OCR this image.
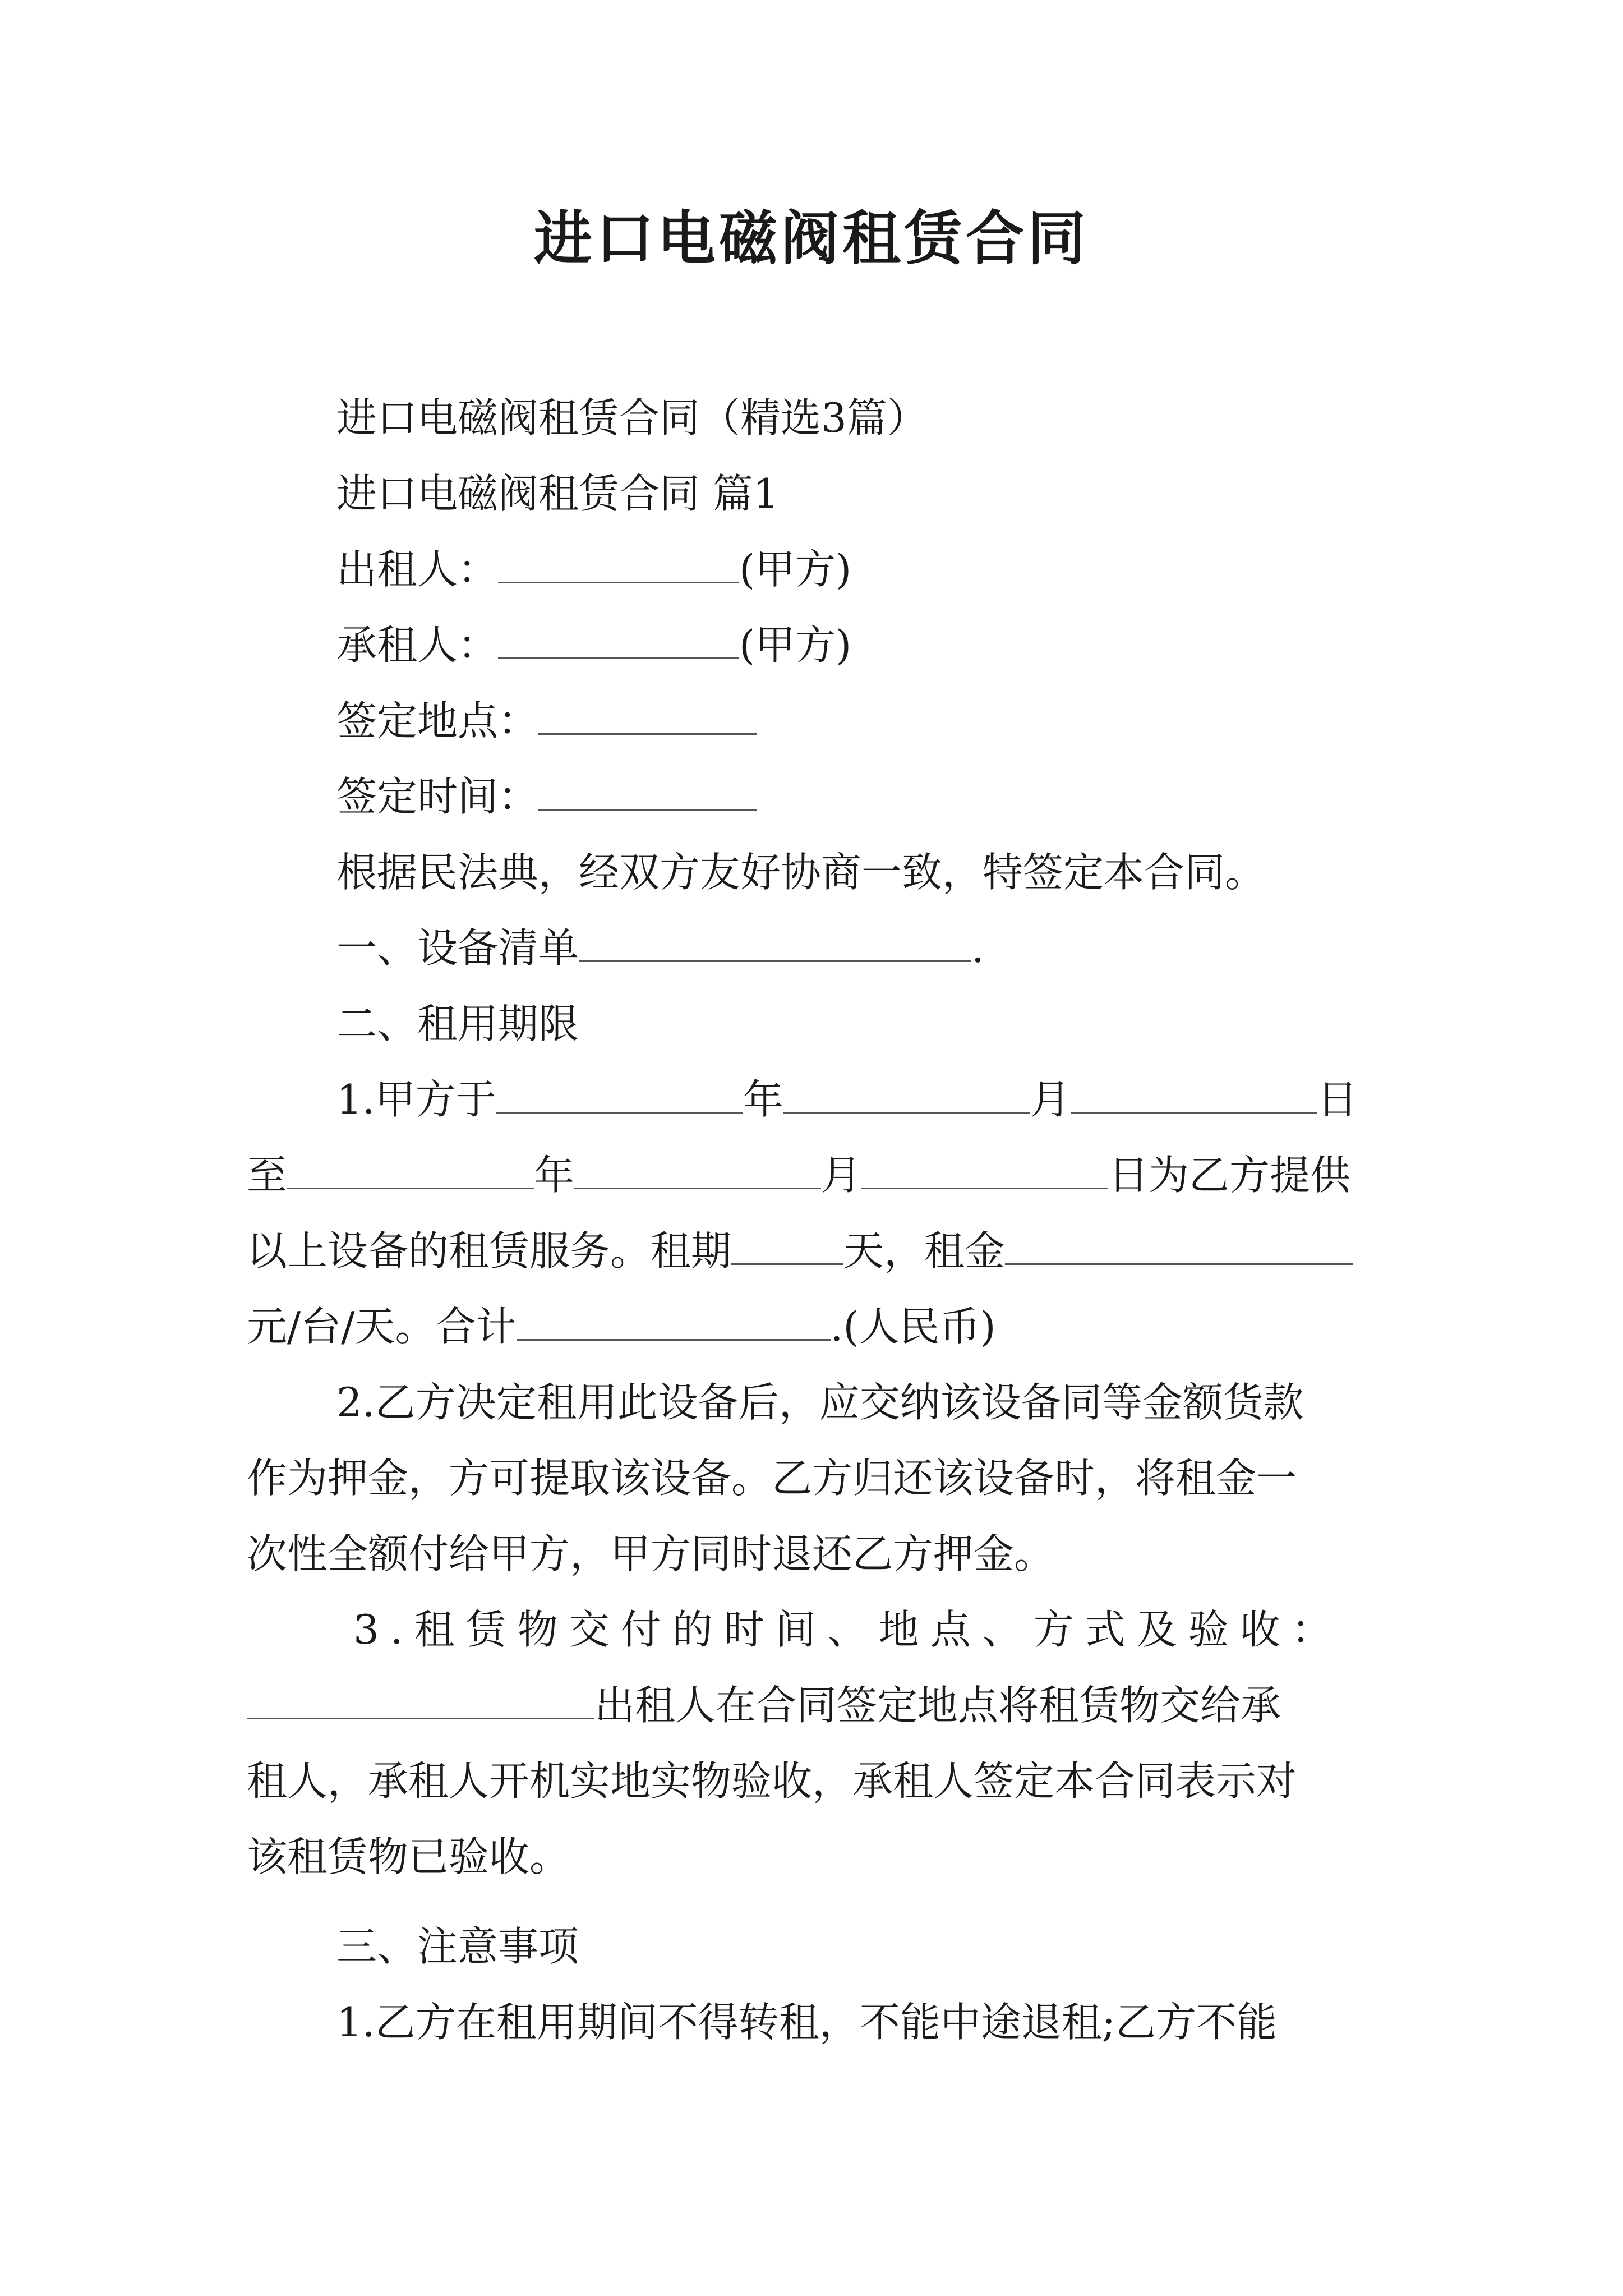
进口电磁阀租赁合同
进口电磁阀租赁合同（精选3篇）
进口电磁阀租赁合同 篇1
出租人：	(甲方)
承租人：	(甲方)
签定地点：
签定时间：
根据民法典，经双方友好协商一致，特签定本合同。
一、设备清单	.
二、租用期限
1.甲方于	年	月	日
至	年	月	日为乙方提供
以上设备的租赁服务。租期	天，租金
元/台/天。合计	.(人民币)
2.乙方决定租用此设备后，应交纳该设备同等金额货款
作为押金，方可提取该设备。乙方归还该设备时，将租金一
次性全额付给甲方，甲方同时退还乙方押金。
3.租赁物交付的时间、地点、方式及验收：
出租人在合同签定地点将租赁物交给承
租人，承租人开机实地实物验收，承租人签定本合同表示对
该租赁物已验收。
三、注意事项
1.乙方在租用期间不得转租，不能中途退租;乙方不能
